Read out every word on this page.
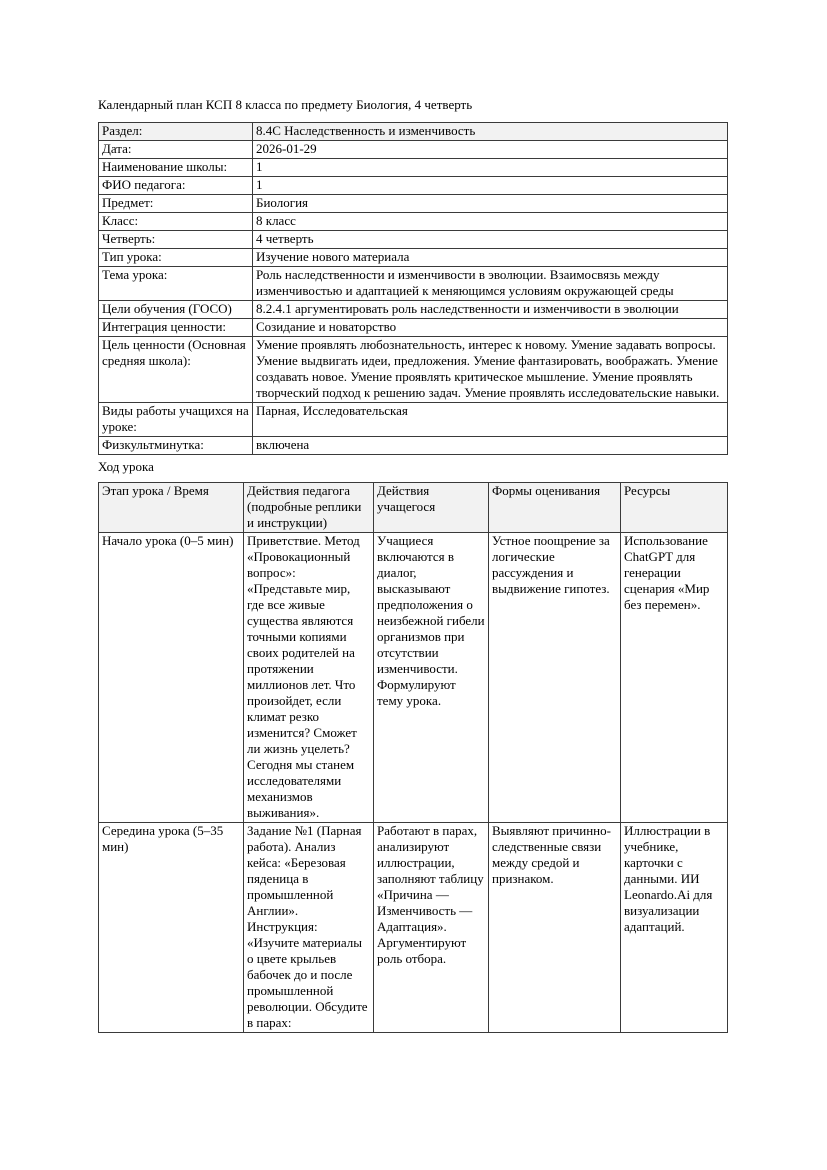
Календарный план КСП 8 класса по предмету Биология, 4 четверть
Раздел:	8.4C Наследственность и изменчивость
Дата:	2026-01-29
Наименование школы:	1
ФИО педагога:	1
Предмет:	Биология
Класс:	8 класс
Четверть:	4 четверть
Тип урока:	Изучение нового материала
Тема урока:	Роль наследственности и изменчивости в эволюции. Взаимосвязь между изменчивостью и адаптацией к меняющимся условиям окружающей среды
Цели обучения (ГОСО)	8.2.4.1 аргументировать роль наследственности и изменчивости в эволюции
Интеграция ценности:	Созидание и новаторство
Цель ценности (Основная средняя школа):	Умение проявлять любознательность, интерес к новому. Умение задавать вопросы. Умение выдвигать идеи, предложения. Умение фантазировать, воображать. Умение создавать новое. Умение проявлять критическое мышление. Умение проявлять творческий подход к решению задач. Умение проявлять исследовательские навыки.
Виды работы учащихся на уроке:	Парная, Исследовательская
Физкультминутка:	включена
Ход урока
Этап урока / Время	Действия педагога (подробные реплики и инструкции)	Действия учащегося	Формы оценивания	Ресурсы
Начало урока (0–5 мин)	Приветствие. Метод «Провокационный вопрос»: «Представьте мир, где все живые существа являются точными копиями своих родителей на протяжении миллионов лет. Что произойдет, если климат резко изменится? Сможет ли жизнь уцелеть? Сегодня мы станем исследователями механизмов выживания».	Учащиеся включаются в диалог, высказывают предположения о неизбежной гибели организмов при отсутствии изменчивости. Формулируют тему урока.	Устное поощрение за логические рассуждения и выдвижение гипотез.	Использование ChatGPT для генерации сценария «Мир без перемен».
Середина урока (5–35 мин)	Задание №1 (Парная работа). Анализ кейса: «Березовая пяденица в промышленной Англии». Инструкция: «Изучите материалы о цвете крыльев бабочек до и после промышленной революции. Обсудите в парах:	Работают в парах, анализируют иллюстрации, заполняют таблицу «Причина — Изменчивость — Адаптация». Аргументируют роль отбора.	Выявляют причинно-следственные связи между средой и признаком.	Иллюстрации в учебнике, карточки с данными. ИИ Leonardo.Ai для визуализации адаптаций.
